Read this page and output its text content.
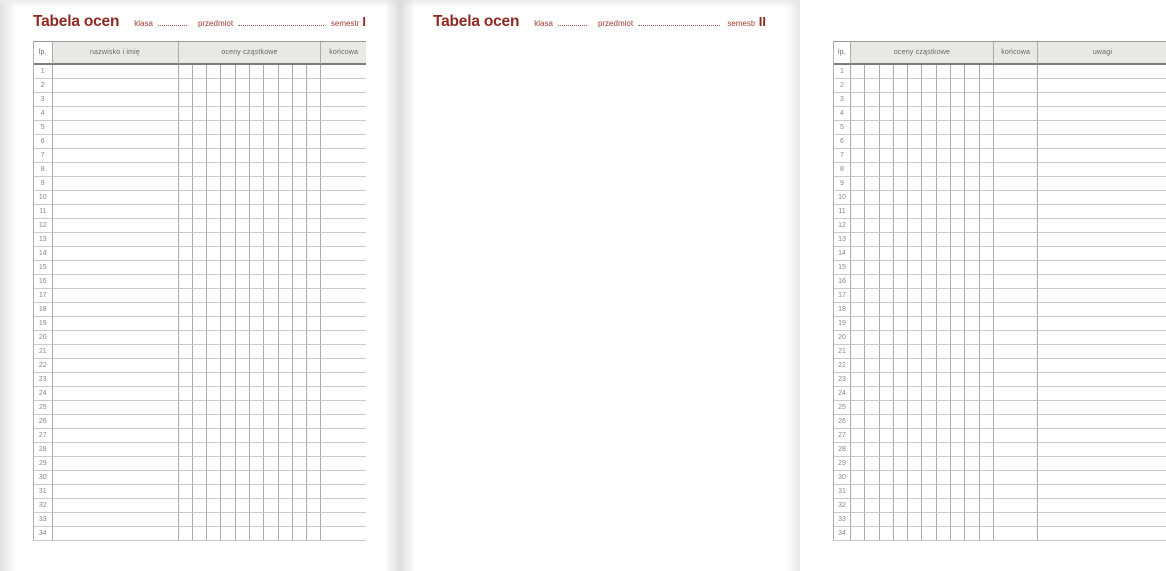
Tabela ocen klasa	przedmiot	semestr I
lp.	nazwisko i imię	oceny cząstkowe	końcowa
1
2
3
4
5
6
7
8
9
10
11
12
13
14
15
16
17
18
19
20
21
22
23
24
25
26
27
28
29
30
31
32
33
34
Tabela ocen klasa	przedmiot	semestr II
lp.	oceny cząstkowe	końcowa	uwagi
1
2
3
4
5
6
7
8
9
10
11
12
13
14
15
16
17
18
19
20
21
22
23
24
25
26
27
28
29
30
31
32
33
34
